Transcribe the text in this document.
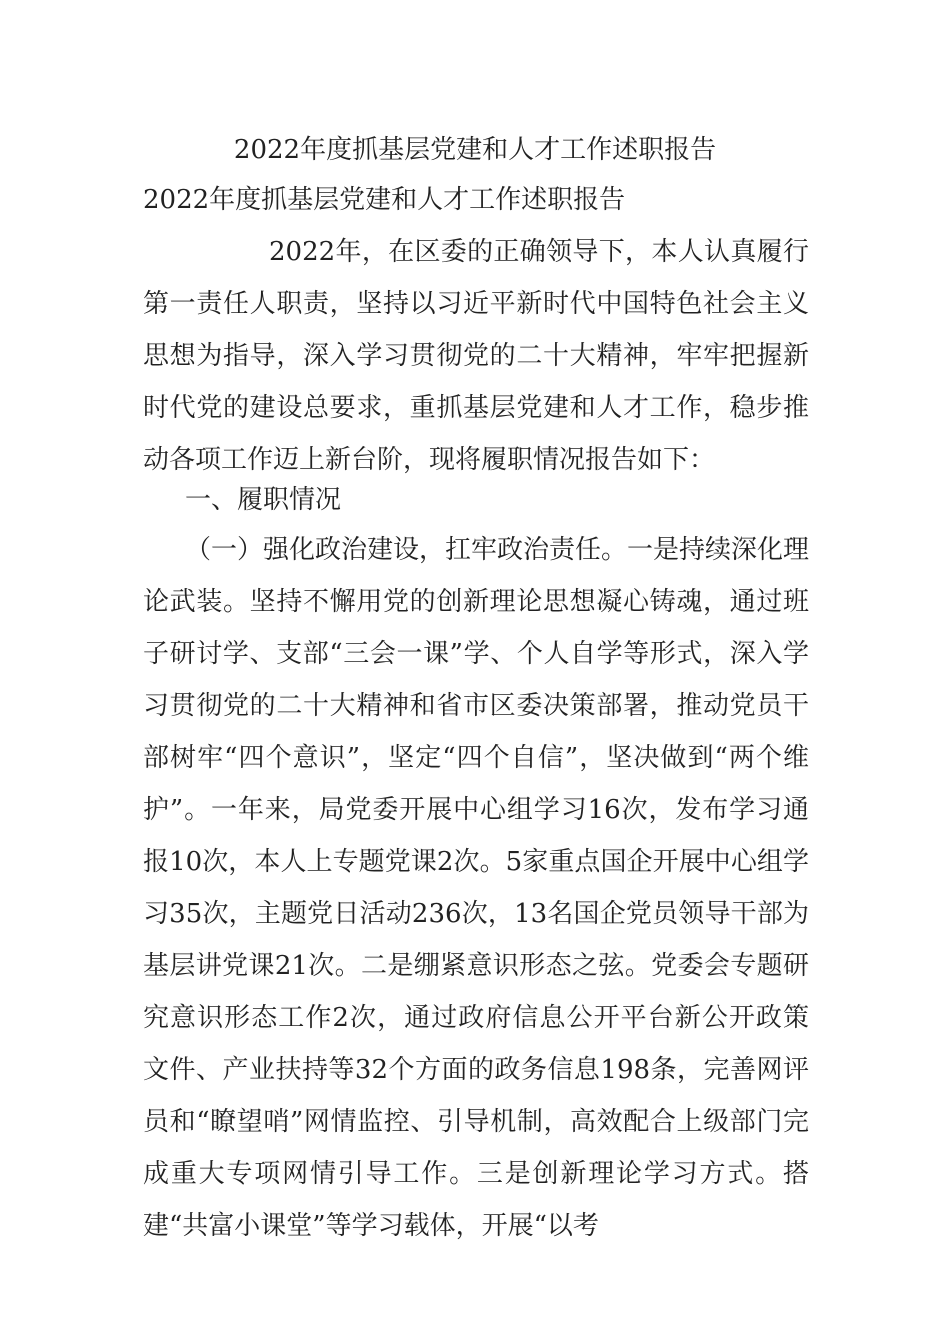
2022年度抓基层党建和人才工作述职报告
2022年度抓基层党建和人才工作述职报告
2022年，在区委的正确领导下，本人认真履行第一责任人职责，坚持以习近平新时代中国特色社会主义思想为指导，深入学习贯彻党的二十大精神，牢牢把握新时代党的建设总要求，重抓基层党建和人才工作，稳步推动各项工作迈上新台阶，现将履职情况报告如下：
一、履职情况
（一）强化政治建设，扛牢政治责任。一是持续深化理论武装。坚持不懈用党的创新理论思想凝心铸魂，通过班子研讨学、支部“三会一课”学、个人自学等形式，深入学习贯彻党的二十大精神和省市区委决策部署，推动党员干部树牢“四个意识”，坚定“四个自信”，坚决做到“两个维护”。一年来，局党委开展中心组学习16次，发布学习通报10次，本人上专题党课2次。5家重点国企开展中心组学习35次，主题党日活动236次，13名国企党员领导干部为基层讲党课21次。二是绷紧意识形态之弦。党委会专题研究意识形态工作2次，通过政府信息公开平台新公开政策文件、产业扶持等32个方面的政务信息198条，完善网评员和“瞭望哨”网情监控、引导机制，高效配合上级部门完成重大专项网情引导工作。三是创新理论学习方式。搭建“共富小课堂”等学习载体，开展“以考
